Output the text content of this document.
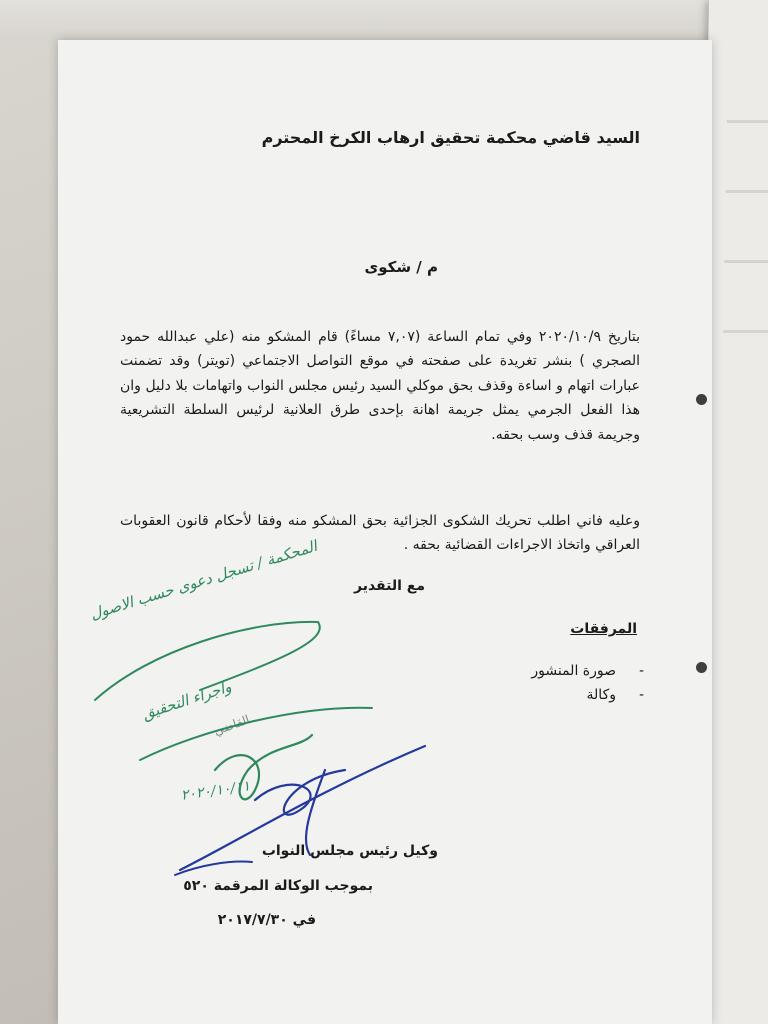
السيد قاضي محكمة تحقيق ارهاب الكرخ المحترم
م / شكوى
بتاريخ ٢٠٢٠/١٠/٩ وفي تمام الساعة (٧,٠٧ مساءً) قام المشكو منه (علي عبدالله حمود الصجري ) بنشر تغريدة على صفحته في موقع التواصل الاجتماعي (تويتر) وقد تضمنت عبارات اتهام و اساءة وقذف بحق موكلي السيد رئيس مجلس النواب واتهامات بلا دليل وان هذا الفعل الجرمي يمثل جريمة اهانة بإحدى طرق العلانية لرئيس السلطة التشريعية وجريمة قذف وسب بحقه.
وعليه فاني اطلب تحريك الشكوى الجزائية بحق المشكو منه وفقا لأحكام قانون العقوبات العراقي واتخاذ الاجراءات القضائية بحقه .
مع التقدير
المرفقات
-
صورة المنشور
-
وكالة
وكيل رئيس مجلس النواب
بموجب الوكالة المرقمة ٥٢٠
في ٢٠١٧/٧/٣٠
المحكمة / تسجل دعوى حسب الاصول
واجراء التحقيق
٢٠٢٠/١٠/١١
القاضي
